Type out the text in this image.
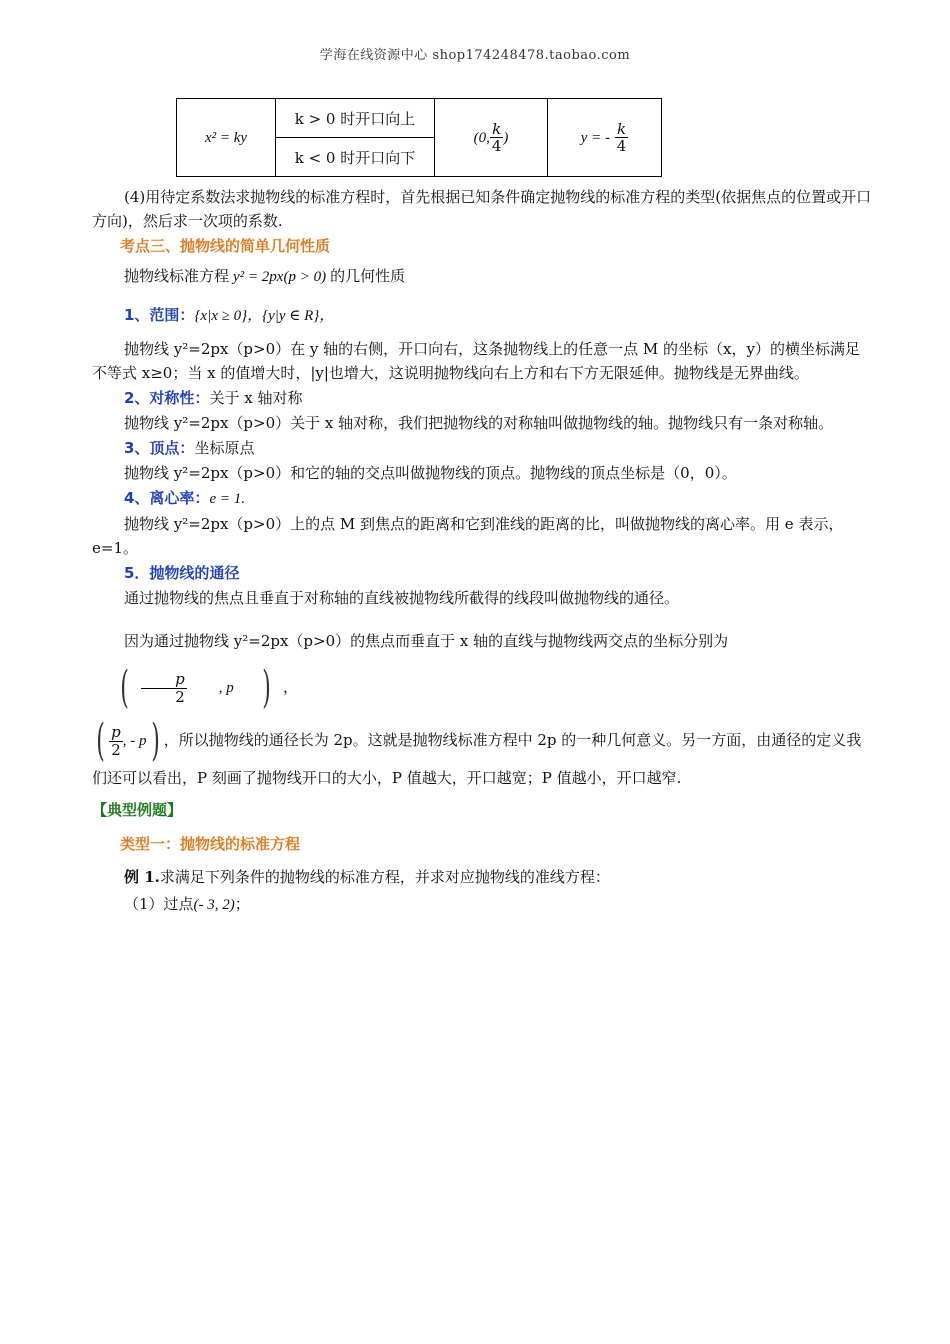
学海在线资源中心 shop174248478.taobao.com
x² = ky	k > 0 时开口向上	(0, $\frac{k}{4}$ )	y = - $\frac{k}{4}$

k < 0 时开口向下

(4)用待定系数法求抛物线的标准方程时，首先根据已知条件确定抛物线的标准方程的类型(依据焦点的位置或开口方向)，然后求一次项的系数.

考点三、抛物线的简单几何性质

抛物线标准方程 y² = 2px(p > 0) 的几何性质

1、范围：{x|x ≥ 0}，{y|y ∈ R}，

抛物线 y²=2px（p>0）在 y 轴的右侧，开口向右，这条抛物线上的任意一点 M 的坐标（x，y）的横坐标满足不等式 x≥0；当 x 的值增大时，|y|也增大，这说明抛物线向右上方和右下方无限延伸。抛物线是无界曲线。

2、对称性：关于 x 轴对称

抛物线 y²=2px（p>0）关于 x 轴对称，我们把抛物线的对称轴叫做抛物线的轴。抛物线只有一条对称轴。

3、顶点：坐标原点

抛物线 y²=2px（p>0）和它的轴的交点叫做抛物线的顶点。抛物线的顶点坐标是（0，0）。

4、离心率：e = 1.

抛物线 y²=2px（p>0）上的点 M 到焦点的距离和它到准线的距离的比，叫做抛物线的离心率。用 e 表示，e=1。

5．抛物线的通径

通过抛物线的焦点且垂直于对称轴的直线被抛物线所截得的线段叫做抛物线的通径。

因为通过抛物线 y²=2px（p>0）的焦点而垂直于 x 轴的直线与抛物线两交点的坐标分别为
( $\frac{p}{2}$	, p ) ，

( $\frac{p}{2}$ , - p ) ，所以抛物线的通径长为 2p。这就是抛物线标准方程中 2p 的一种几何意义。另一方面，由通径的定义我们还可以看出，P 刻画了抛物线开口的大小，P 值越大，开口越宽；P 值越小，开口越窄.

【典型例题】
类型一：抛物线的标准方程

例 1.求满足下列条件的抛物线的标准方程，并求对应抛物线的准线方程：

（1）过点(- 3, 2)；
